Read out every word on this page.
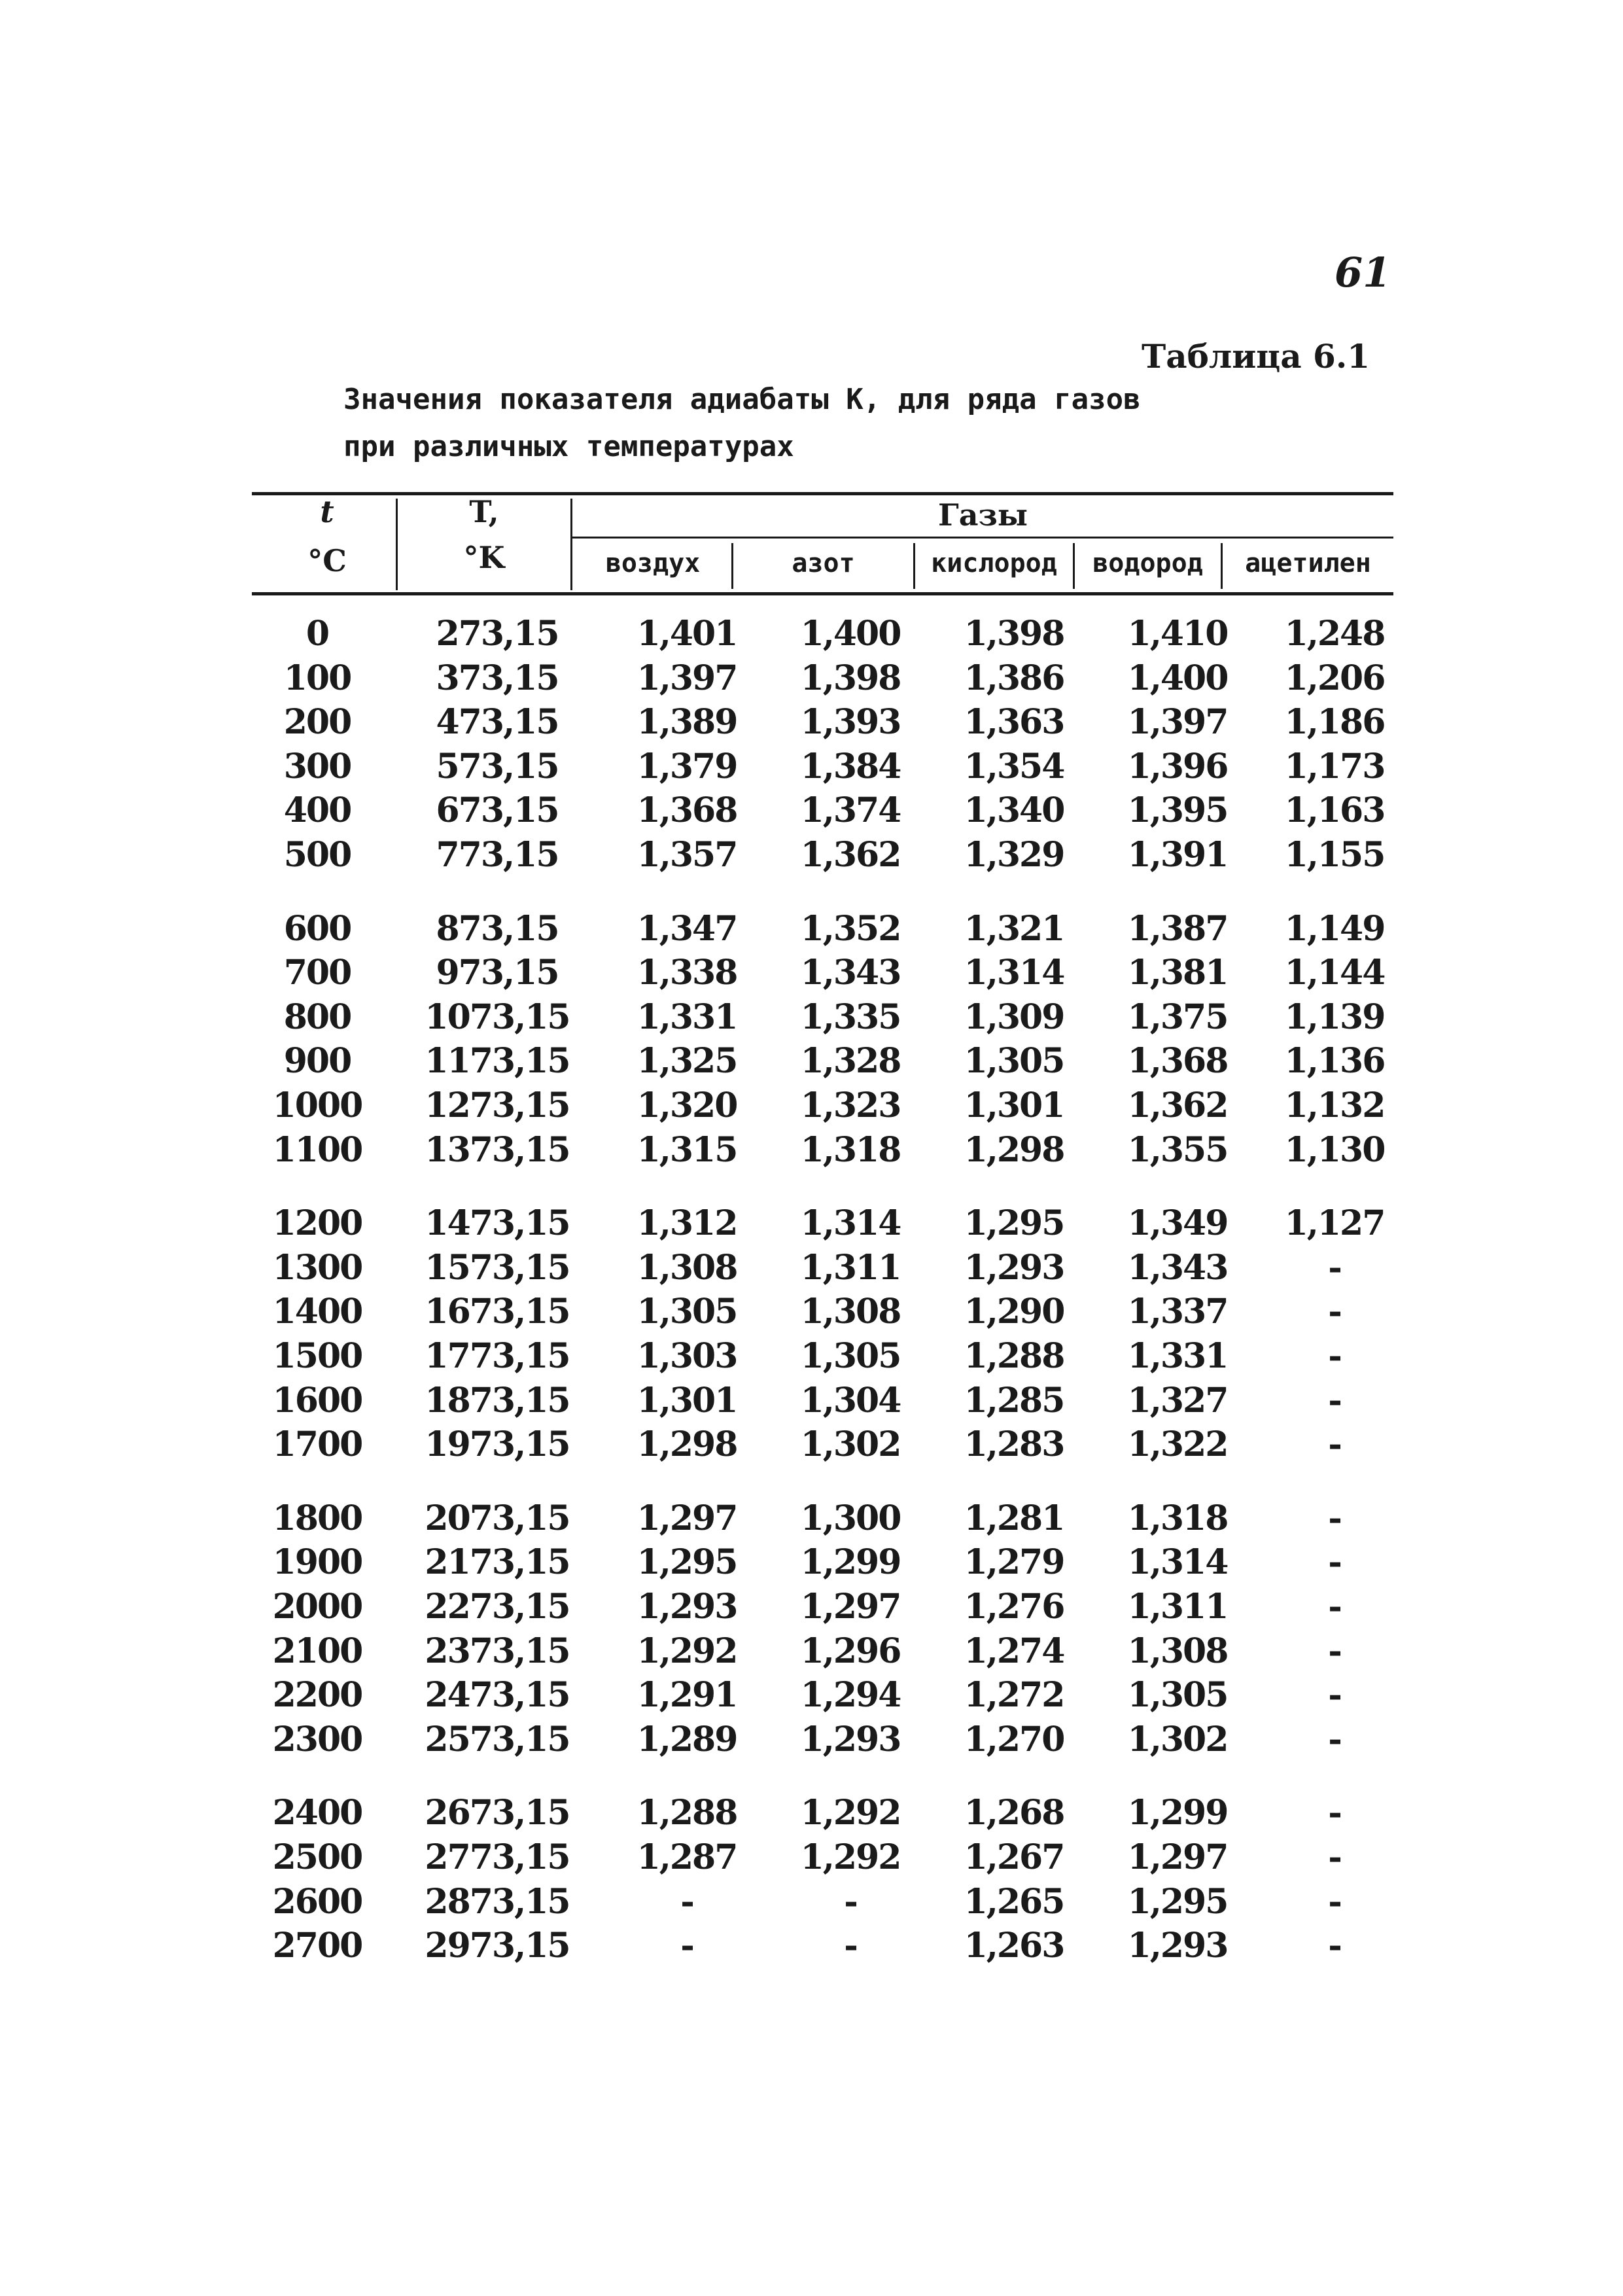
61
Таблица 6.1
Значения показателя адиабаты К, для ряда газов при различных температурах
t
°C
T,
°K
Газы
воздух	азот	кислород	водород	ацетилен
0	273,15	1,401	1,400	1,398	1,410	1,248
100	373,15	1,397	1,398	1,386	1,400	1,206
200	473,15	1,389	1,393	1,363	1,397	1,186
300	573,15	1,379	1,384	1,354	1,396	1,173
400	673,15	1,368	1,374	1,340	1,395	1,163
500	773,15	1,357	1,362	1,329	1,391	1,155
600	873,15	1,347	1,352	1,321	1,387	1,149
700	973,15	1,338	1,343	1,314	1,381	1,144
800	1073,15	1,331	1,335	1,309	1,375	1,139
900	1173,15	1,325	1,328	1,305	1,368	1,136
1000	1273,15	1,320	1,323	1,301	1,362	1,132
1100	1373,15	1,315	1,318	1,298	1,355	1,130
1200	1473,15	1,312	1,314	1,295	1,349	1,127
1300	1573,15	1,308	1,311	1,293	1,343	-
1400	1673,15	1,305	1,308	1,290	1,337	-
1500	1773,15	1,303	1,305	1,288	1,331	-
1600	1873,15	1,301	1,304	1,285	1,327	-
1700	1973,15	1,298	1,302	1,283	1,322	-
1800	2073,15	1,297	1,300	1,281	1,318	-
1900	2173,15	1,295	1,299	1,279	1,314	-
2000	2273,15	1,293	1,297	1,276	1,311	-
2100	2373,15	1,292	1,296	1,274	1,308	-
2200	2473,15	1,291	1,294	1,272	1,305	-
2300	2573,15	1,289	1,293	1,270	1,302	-
2400	2673,15	1,288	1,292	1,268	1,299	-
2500	2773,15	1,287	1,292	1,267	1,297	-
2600	2873,15	-	-	1,265	1,295	-
2700	2973,15	-	-	1,263	1,293	-
